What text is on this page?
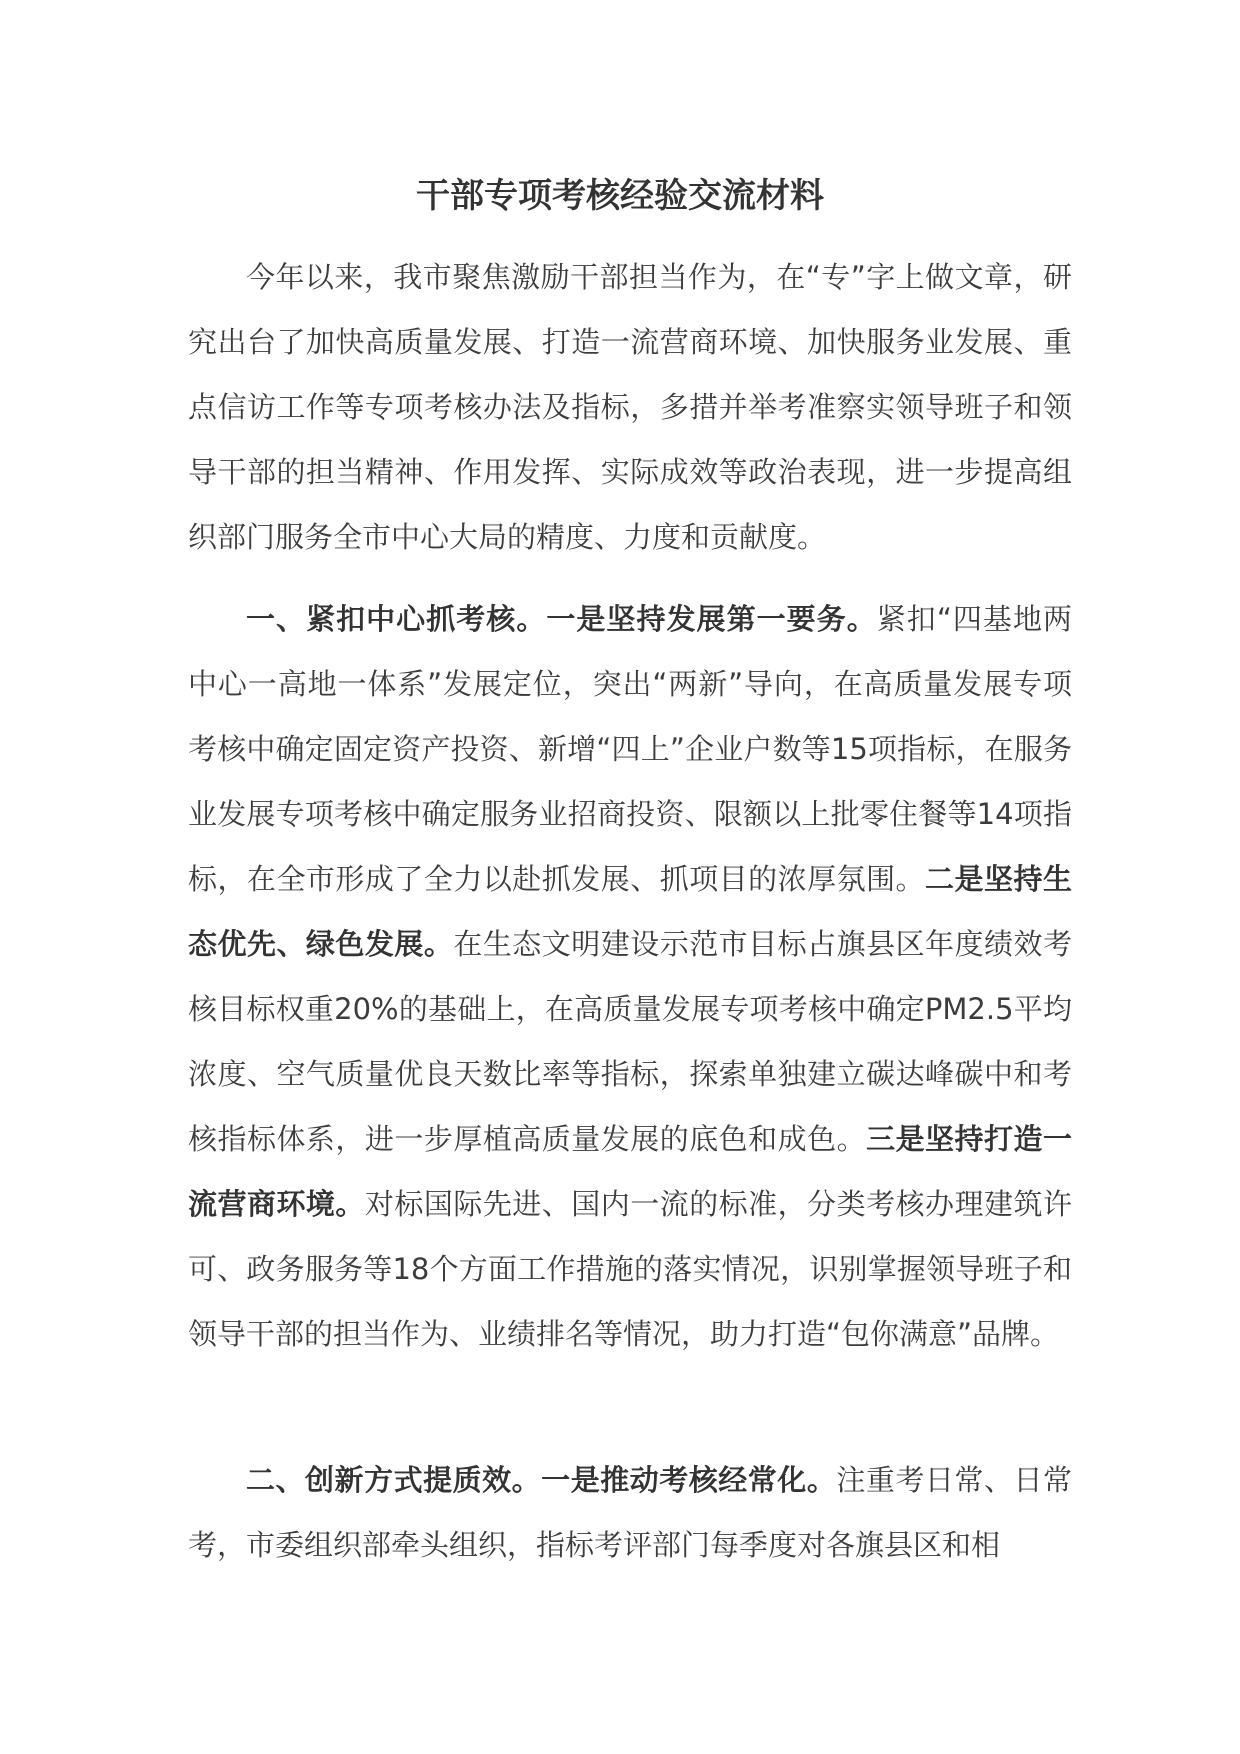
干部专项考核经验交流材料

今年以来，我市聚焦激励干部担当作为，在“专”字上做文章，研究出台了加快高质量发展、打造一流营商环境、加快服务业发展、重点信访工作等专项考核办法及指标，多措并举考准察实领导班子和领导干部的担当精神、作用发挥、实际成效等政治表现，进一步提高组织部门服务全市中心大局的精度、力度和贡献度。

一、紧扣中心抓考核。一是坚持发展第一要务。紧扣“四基地两中心一高地一体系”发展定位，突出“两新”导向，在高质量发展专项考核中确定固定资产投资、新增“四上”企业户数等15项指标，在服务业发展专项考核中确定服务业招商投资、限额以上批零住餐等14项指标，在全市形成了全力以赴抓发展、抓项目的浓厚氛围。二是坚持生态优先、绿色发展。在生态文明建设示范市目标占旗县区年度绩效考核目标权重20%的基础上，在高质量发展专项考核中确定PM2.5平均浓度、空气质量优良天数比率等指标，探索单独建立碳达峰碳中和考核指标体系，进一步厚植高质量发展的底色和成色。三是坚持打造一流营商环境。对标国际先进、国内一流的标准，分类考核办理建筑许可、政务服务等18个方面工作措施的落实情况，识别掌握领导班子和领导干部的担当作为、业绩排名等情况，助力打造“包你满意”品牌。

二、创新方式提质效。一是推动考核经常化。注重考日常、日常考，市委组织部牵头组织，指标考评部门每季度对各旗县区和相
